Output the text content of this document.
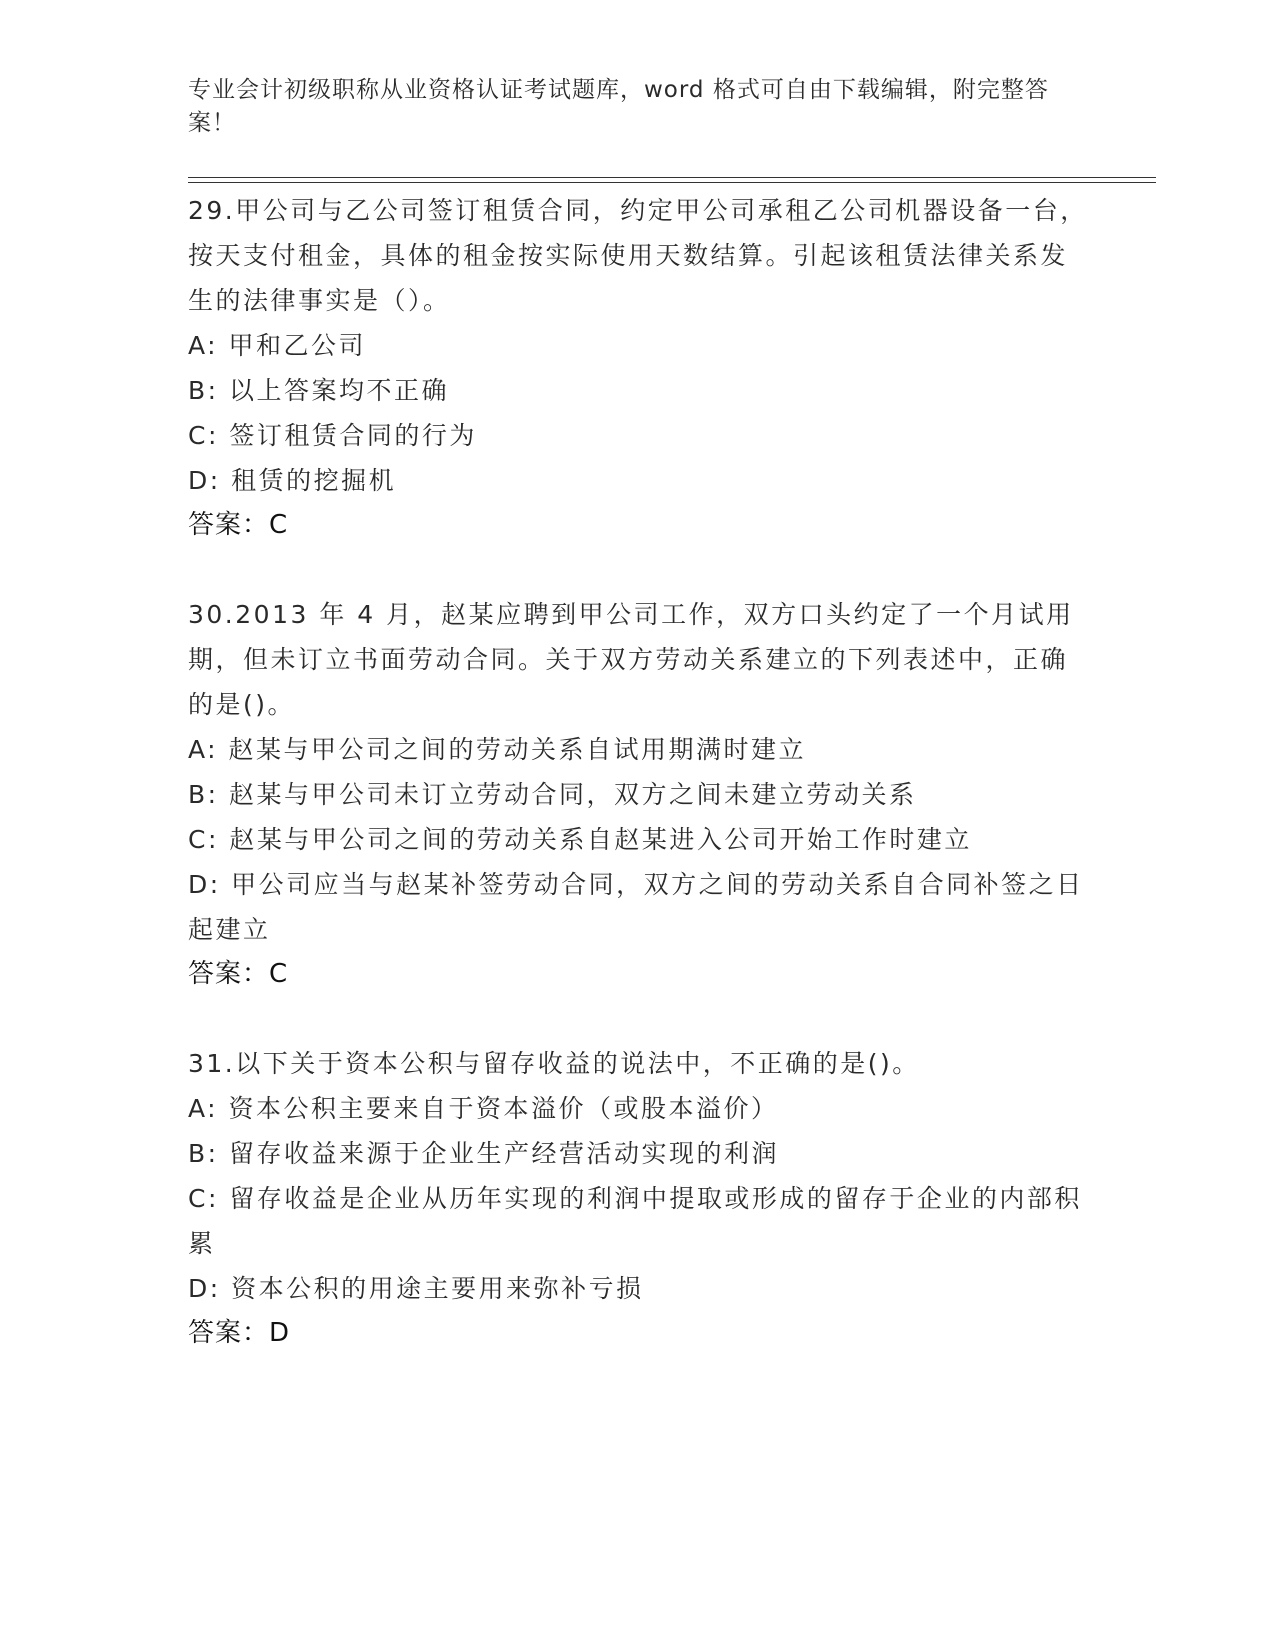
专业会计初级职称从业资格认证考试题库，word 格式可自由下载编辑，附完整答案！
29.甲公司与乙公司签订租赁合同，约定甲公司承租乙公司机器设备一台，按天支付租金，具体的租金按实际使用天数结算。引起该租赁法律关系发生的法律事实是（）。
A: 甲和乙公司
B: 以上答案均不正确
C: 签订租赁合同的行为
D: 租赁的挖掘机
答案：C
30.2013 年 4 月，赵某应聘到甲公司工作，双方口头约定了一个月试用期，但未订立书面劳动合同。关于双方劳动关系建立的下列表述中，正确的是()。
A: 赵某与甲公司之间的劳动关系自试用期满时建立
B: 赵某与甲公司未订立劳动合同，双方之间未建立劳动关系
C: 赵某与甲公司之间的劳动关系自赵某进入公司开始工作时建立
D: 甲公司应当与赵某补签劳动合同，双方之间的劳动关系自合同补签之日起建立
答案：C
31.以下关于资本公积与留存收益的说法中，不正确的是()。
A: 资本公积主要来自于资本溢价（或股本溢价）
B: 留存收益来源于企业生产经营活动实现的利润
C: 留存收益是企业从历年实现的利润中提取或形成的留存于企业的内部积累
D: 资本公积的用途主要用来弥补亏损
答案：D
